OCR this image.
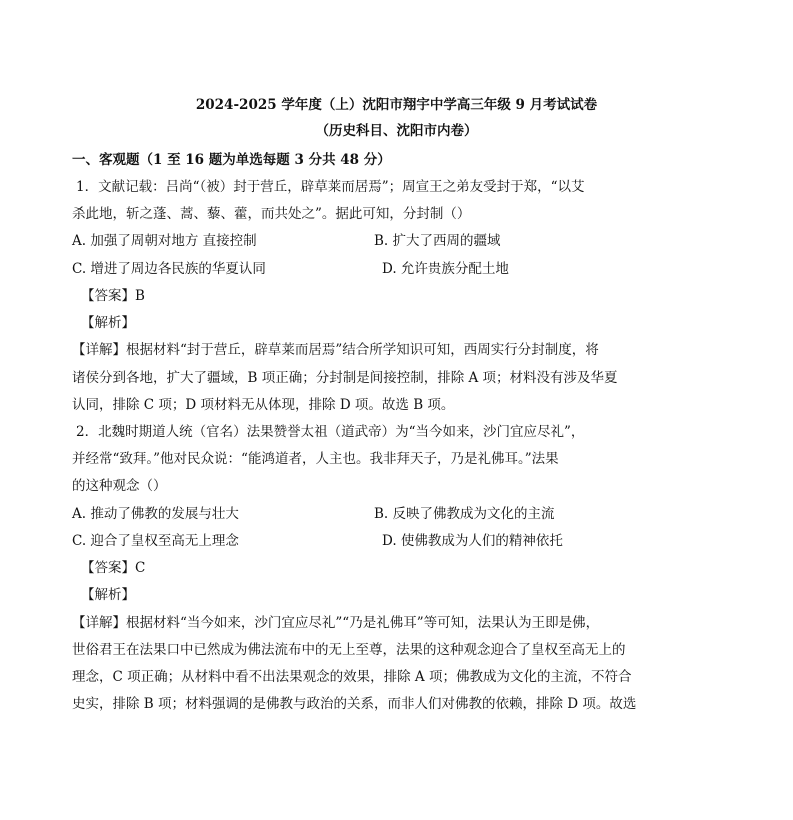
2024-2025 学年度（上）沈阳市翔宇中学高三年级 9 月考试试卷
（历史科目、沈阳市内卷）
一、客观题（1 至 16 题为单选每题 3 分共 48 分）
1．文献记载：吕尚“（被）封于营丘，辟草莱而居焉”；周宣王之弟友受封于郑，“以艾
杀此地，斩之蓬、蒿、藜、藿，而共处之”。据此可知，分封制（）
A. 加强了周朝对地方 直接控制	B. 扩大了西周的疆域
C. 增进了周边各民族的华夏认同	D. 允许贵族分配土地
【答案】B
【解析】
【详解】根据材料“封于营丘，辟草莱而居焉”结合所学知识可知，西周实行分封制度，将
诸侯分到各地，扩大了疆域，B 项正确；分封制是间接控制，排除 A 项；材料没有涉及华夏
认同，排除 C 项；D 项材料无从体现，排除 D 项。故选 B 项。
2．北魏时期道人统（官名）法果赞誉太祖（道武帝）为“当今如来，沙门宜应尽礼”，
并经常“致拜。”他对民众说：“能鸿道者，人主也。我非拜天子，乃是礼佛耳。”法果
的这种观念（）
A. 推动了佛教的发展与壮大	B. 反映了佛教成为文化的主流
C. 迎合了皇权至高无上理念	D. 使佛教成为人们的精神依托
【答案】C
【解析】
【详解】根据材料“当今如来，沙门宜应尽礼”“乃是礼佛耳”等可知，法果认为王即是佛，
世俗君王在法果口中已然成为佛法流布中的无上至尊，法果的这种观念迎合了皇权至高无上的
理念，C 项正确；从材料中看不出法果观念的效果，排除 A 项；佛教成为文化的主流，不符合
史实，排除 B 项；材料强调的是佛教与政治的关系，而非人们对佛教的依赖，排除 D 项。故选
